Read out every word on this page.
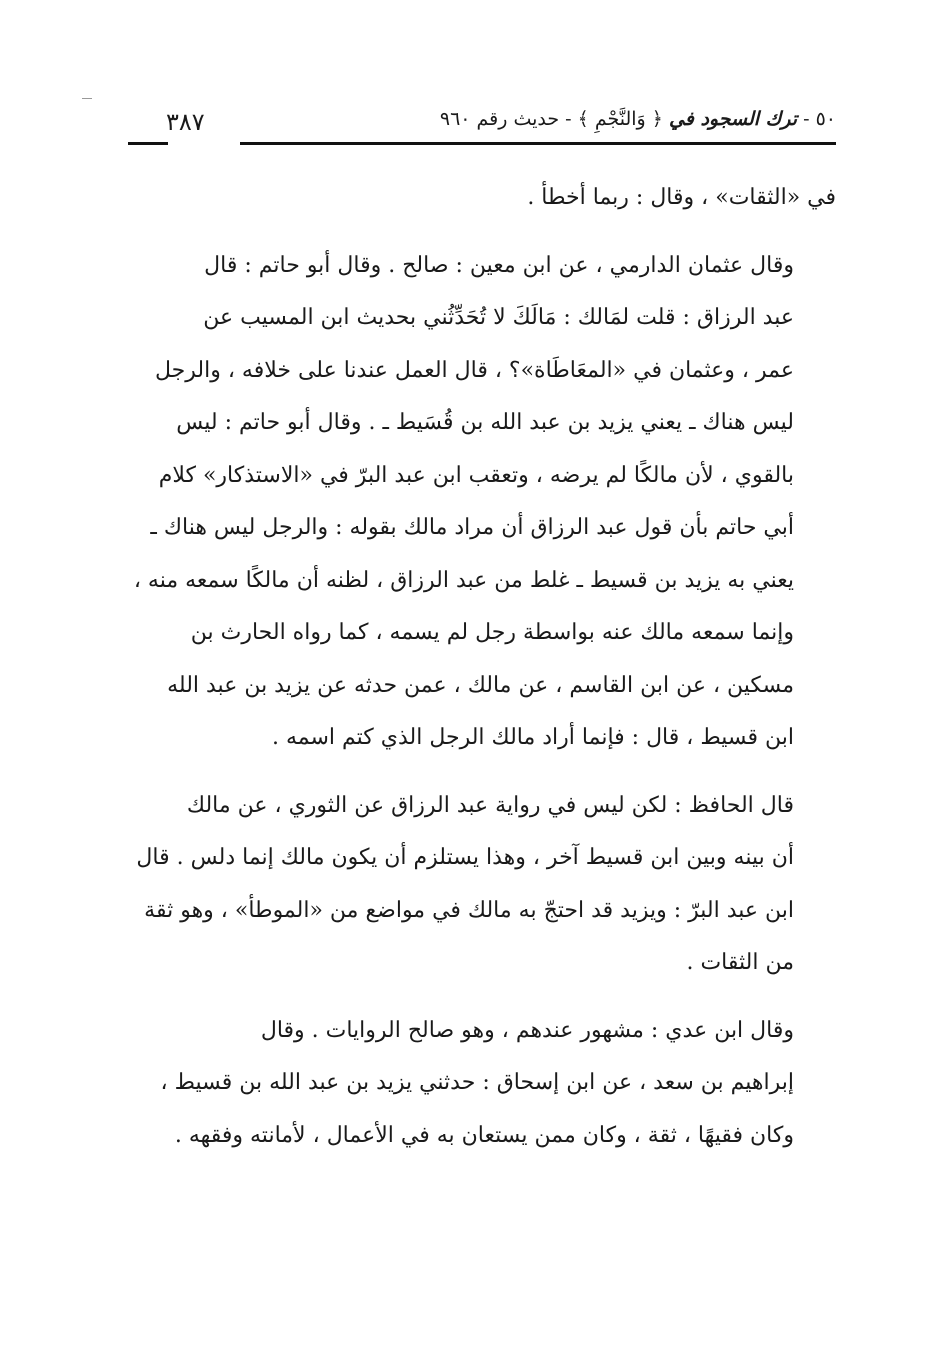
٥٠ - ترك السجود في ﴿ وَالنَّجْمِ ﴾ - حديث رقم ٩٦٠
٣٨٧

في «الثقات» ، وقال : ربما أخطأ .

وقال عثمان الدارمي ، عن ابن معين : صالح . وقال أبو حاتم : قال
عبد الرزاق : قلت لمَالك : مَالَكَ لا تُحَدِّثُني بحديث ابن المسيب عن
عمر ، وعثمان في «المعَاطَاة»؟ ، قال العمل عندنا على خلافه ، والرجل
ليس هناك ـ يعني يزيد بن عبد الله بن قُسَيط ـ . وقال أبو حاتم : ليس
بالقوي ، لأن مالكًا لم يرضه ، وتعقب ابن عبد البرّ في «الاستذكار» كلام
أبي حاتم بأن قول عبد الرزاق أن مراد مالك بقوله : والرجل ليس هناك ـ
يعني به يزيد بن قسيط ـ غلط من عبد الرزاق ، لظنه أن مالكًا سمعه منه ،
وإنما سمعه مالك عنه بواسطة رجل لم يسمه ، كما رواه الحارث بن
مسكين ، عن ابن القاسم ، عن مالك ، عمن حدثه عن يزيد بن عبد الله
ابن قسيط ، قال : فإنما أراد مالك الرجل الذي كتم اسمه .

قال الحافظ : لكن ليس في رواية عبد الرزاق عن الثوري ، عن مالك
أن بينه وبين ابن قسيط آخر ، وهذا يستلزم أن يكون مالك إنما دلس . قال
ابن عبد البرّ : ويزيد قد احتجّ به مالك في مواضع من «الموطأ» ، وهو ثقة
من الثقات .

وقال ابن عدي : مشهور عندهم ، وهو صالح الروايات . وقال
إبراهيم بن سعد ، عن ابن إسحاق : حدثني يزيد بن عبد الله بن قسيط ،
وكان فقيهًا ، ثقة ، وكان ممن يستعان به في الأعمال ، لأمانته وفقهه .
